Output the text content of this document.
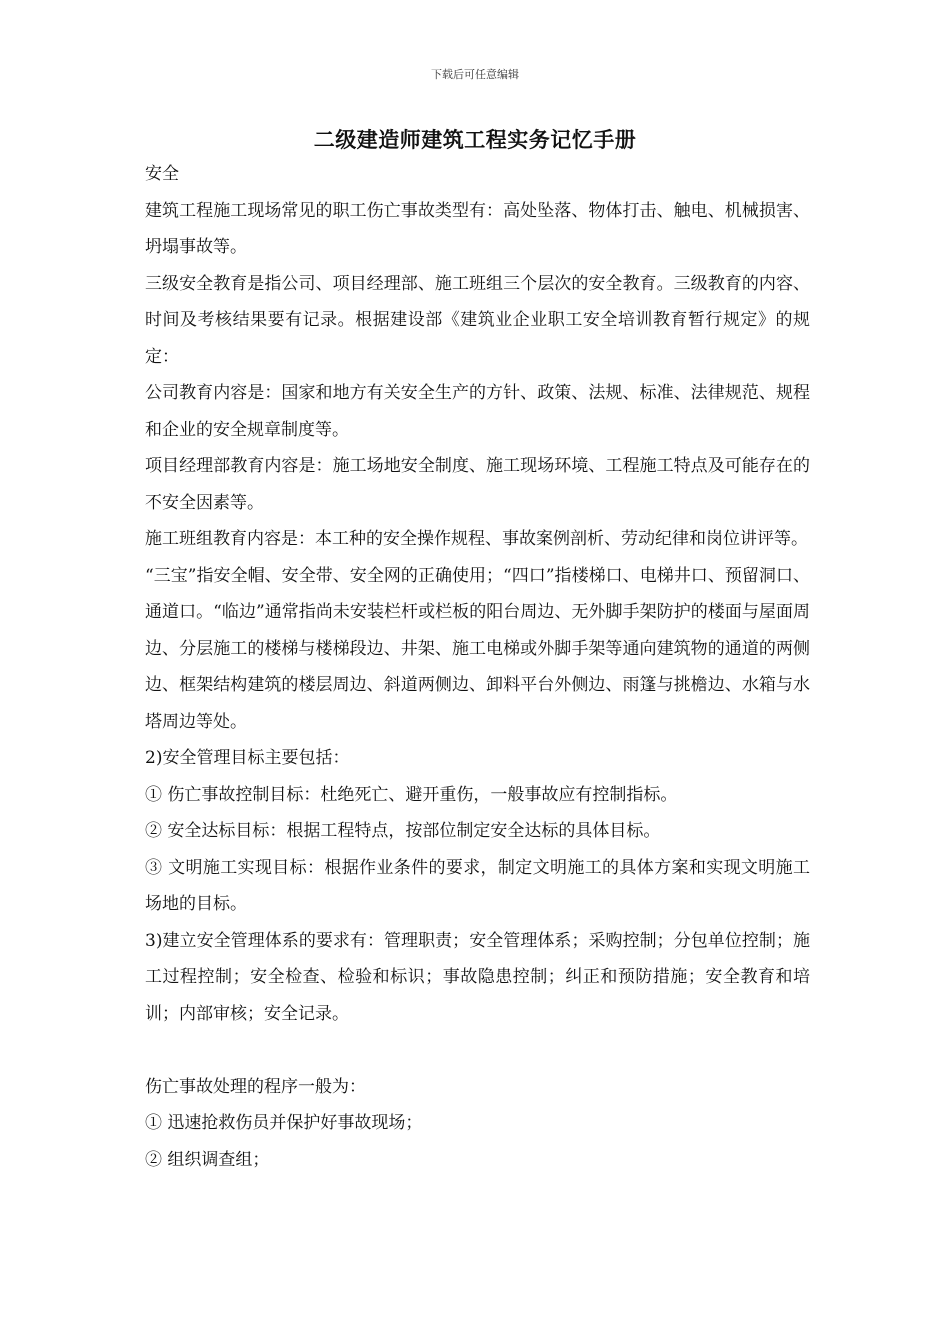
下载后可任意编辑
二级建造师建筑工程实务记忆手册

安全

建筑工程施工现场常见的职工伤亡事故类型有：高处坠落、物体打击、触电、机械损害、坍塌事故等。

三级安全教育是指公司、项目经理部、施工班组三个层次的安全教育。三级教育的内容、时间及考核结果要有记录。根据建设部《建筑业企业职工安全培训教育暂行规定》的规定：

公司教育内容是：国家和地方有关安全生产的方针、政策、法规、标准、法律规范、规程和企业的安全规章制度等。

项目经理部教育内容是：施工场地安全制度、施工现场环境、工程施工特点及可能存在的不安全因素等。

施工班组教育内容是：本工种的安全操作规程、事故案例剖析、劳动纪律和岗位讲评等。

“三宝”指安全帽、安全带、安全网的正确使用；“四口”指楼梯口、电梯井口、预留洞口、通道口。“临边”通常指尚未安装栏杆或栏板的阳台周边、无外脚手架防护的楼面与屋面周边、分层施工的楼梯与楼梯段边、井架、施工电梯或外脚手架等通向建筑物的通道的两侧边、框架结构建筑的楼层周边、斜道两侧边、卸料平台外侧边、雨篷与挑檐边、水箱与水塔周边等处。

2)安全管理目标主要包括：

① 伤亡事故控制目标：杜绝死亡、避开重伤，一般事故应有控制指标。

② 安全达标目标：根据工程特点，按部位制定安全达标的具体目标。

③ 文明施工实现目标：根据作业条件的要求，制定文明施工的具体方案和实现文明施工场地的目标。

3)建立安全管理体系的要求有：管理职责；安全管理体系；采购控制；分包单位控制；施工过程控制；安全检查、检验和标识；事故隐患控制；纠正和预防措施；安全教育和培训；内部审核；安全记录。

伤亡事故处理的程序一般为：

① 迅速抢救伤员并保护好事故现场；

② 组织调查组；
